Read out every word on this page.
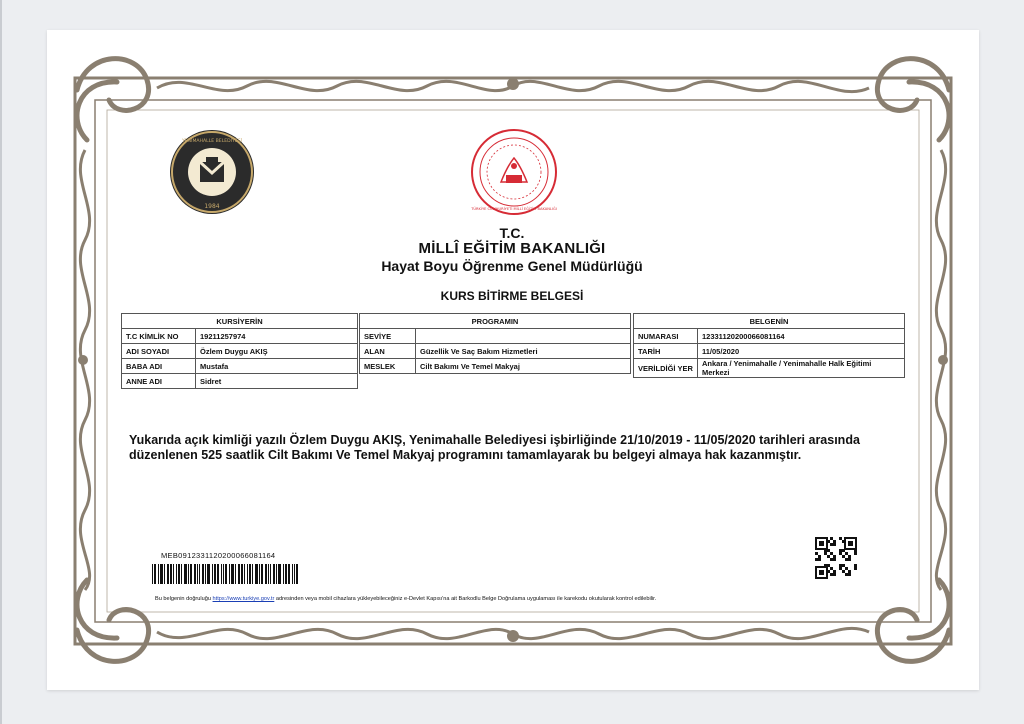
1984
YENİMAHALLE BELEDİYESİ
TÜRKİYE CUMHURİYETİ MİLLÎ EĞİTİM BAKANLIĞI
T.C.
MİLLÎ EĞİTİM BAKANLIĞI
Hayat Boyu Öğrenme Genel Müdürlüğü
KURS BİTİRME BELGESİ
KURSİYERİN	
T.C KİMLİK NO	19211257974
ADI SOYADI	Özlem Duygu AKIŞ
BABA ADI	Mustafa
ANNE ADI	Sidret
PROGRAMIN	
SEVİYE	
ALAN	Güzellik Ve Saç Bakım Hizmetleri
MESLEK	Cilt Bakımı Ve Temel Makyaj
BELGENİN	
NUMARASI	12331120200066081164
TARİH	11/05/2020
VERİLDİĞİ YER	Ankara / Yenimahalle / Yenimahalle Halk Eğitimi Merkezi
Yukarıda açık kimliği yazılı Özlem Duygu AKIŞ, Yenimahalle Belediyesi işbirliğinde 21/10/2019 - 11/05/2020 tarihleri arasında düzenlenen 525 saatlik Cilt Bakımı Ve Temel Makyaj programını tamamlayarak bu belgeyi almaya hak kazanmıştır.
MEB0912331120200066081164
Bu belgenin doğruluğu https://www.turkiye.gov.tr adresinden veya mobil cihazlara yükleyebileceğiniz e-Devlet Kapısı'na ait Barkodlu Belge Doğrulama uygulaması ile karekodu okutularak kontrol edilebilir.
